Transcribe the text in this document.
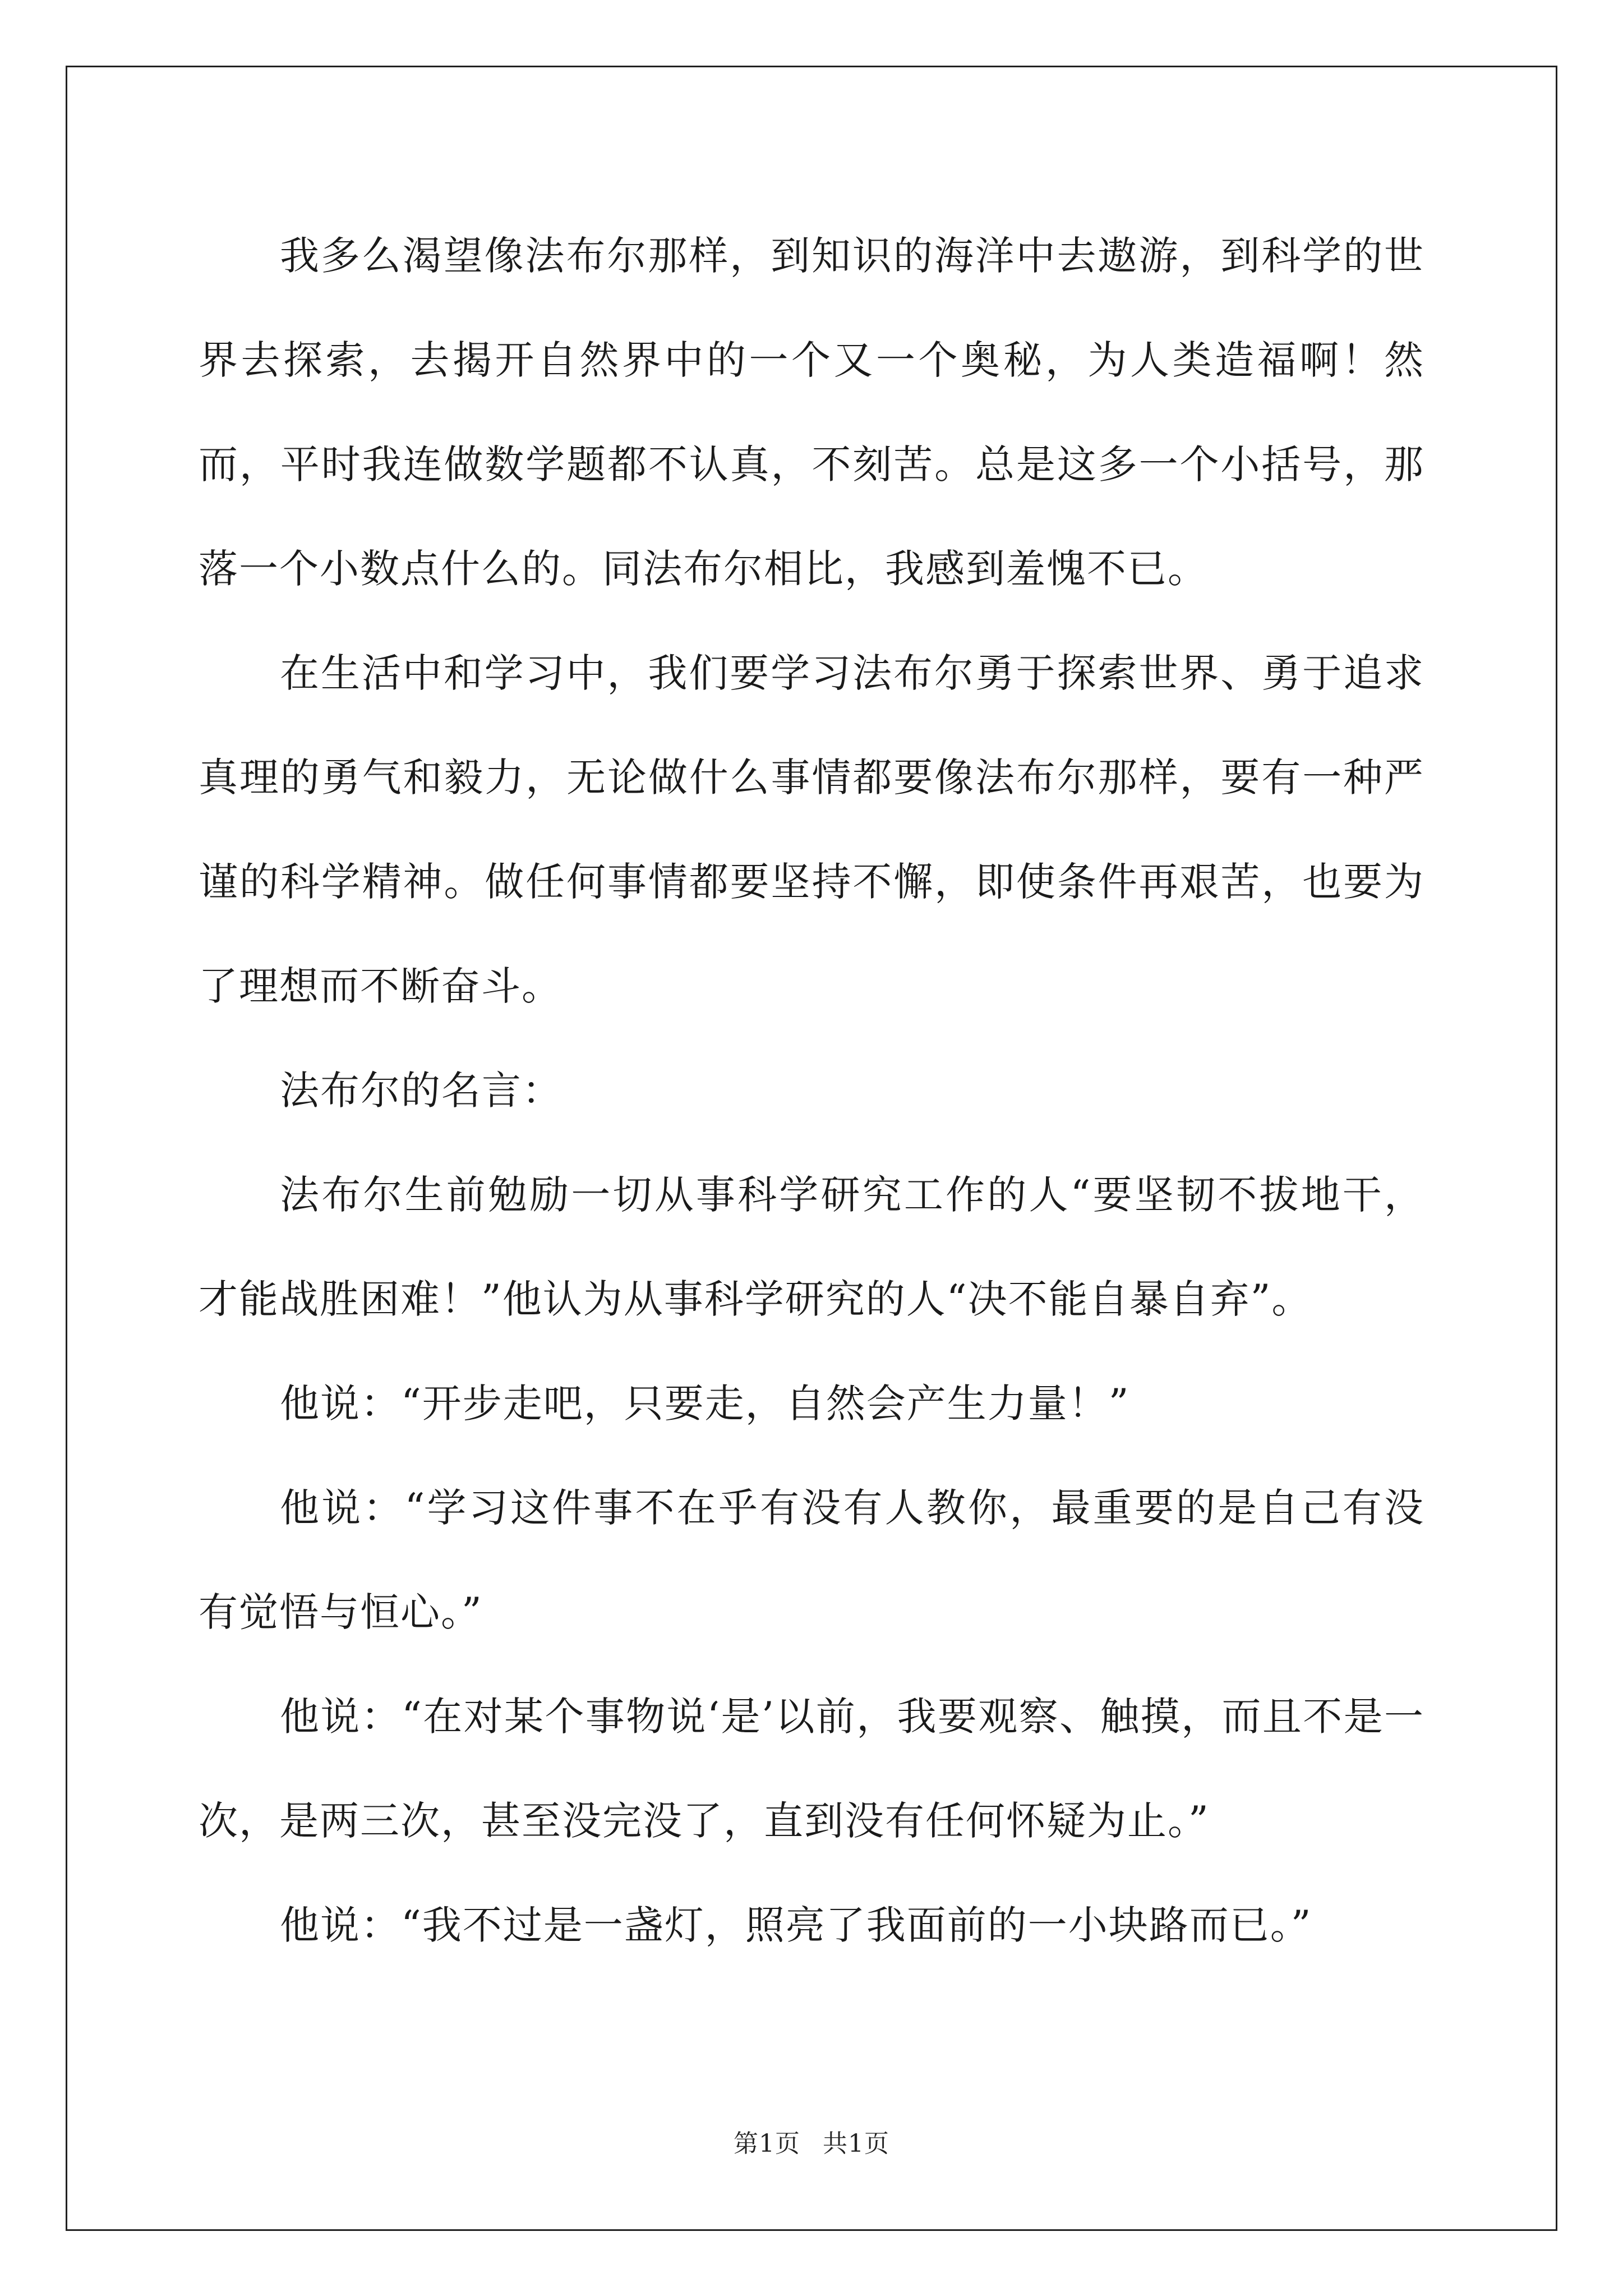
我多么渴望像法布尔那样，到知识的海洋中去遨游，到科学的世界去探索，去揭开自然界中的一个又一个奥秘，为人类造福啊！然而，平时我连做数学题都不认真，不刻苦。总是这多一个小括号，那落一个小数点什么的。同法布尔相比，我感到羞愧不已。

在生活中和学习中，我们要学习法布尔勇于探索世界、勇于追求真理的勇气和毅力，无论做什么事情都要像法布尔那样，要有一种严谨的科学精神。做任何事情都要坚持不懈，即使条件再艰苦，也要为了理想而不断奋斗。

法布尔的名言：

法布尔生前勉励一切从事科学研究工作的人“要坚韧不拔地干，才能战胜困难！”他认为从事科学研究的人“决不能自暴自弃”。

他说：“开步走吧，只要走，自然会产生力量！”

他说：“学习这件事不在乎有没有人教你，最重要的是自己有没有觉悟与恒心。”

他说：“在对某个事物说‘是’以前，我要观察、触摸，而且不是一次，是两三次，甚至没完没了，直到没有任何怀疑为止。”

他说：“我不过是一盏灯，照亮了我面前的一小块路而已。”

第1页 共1页
